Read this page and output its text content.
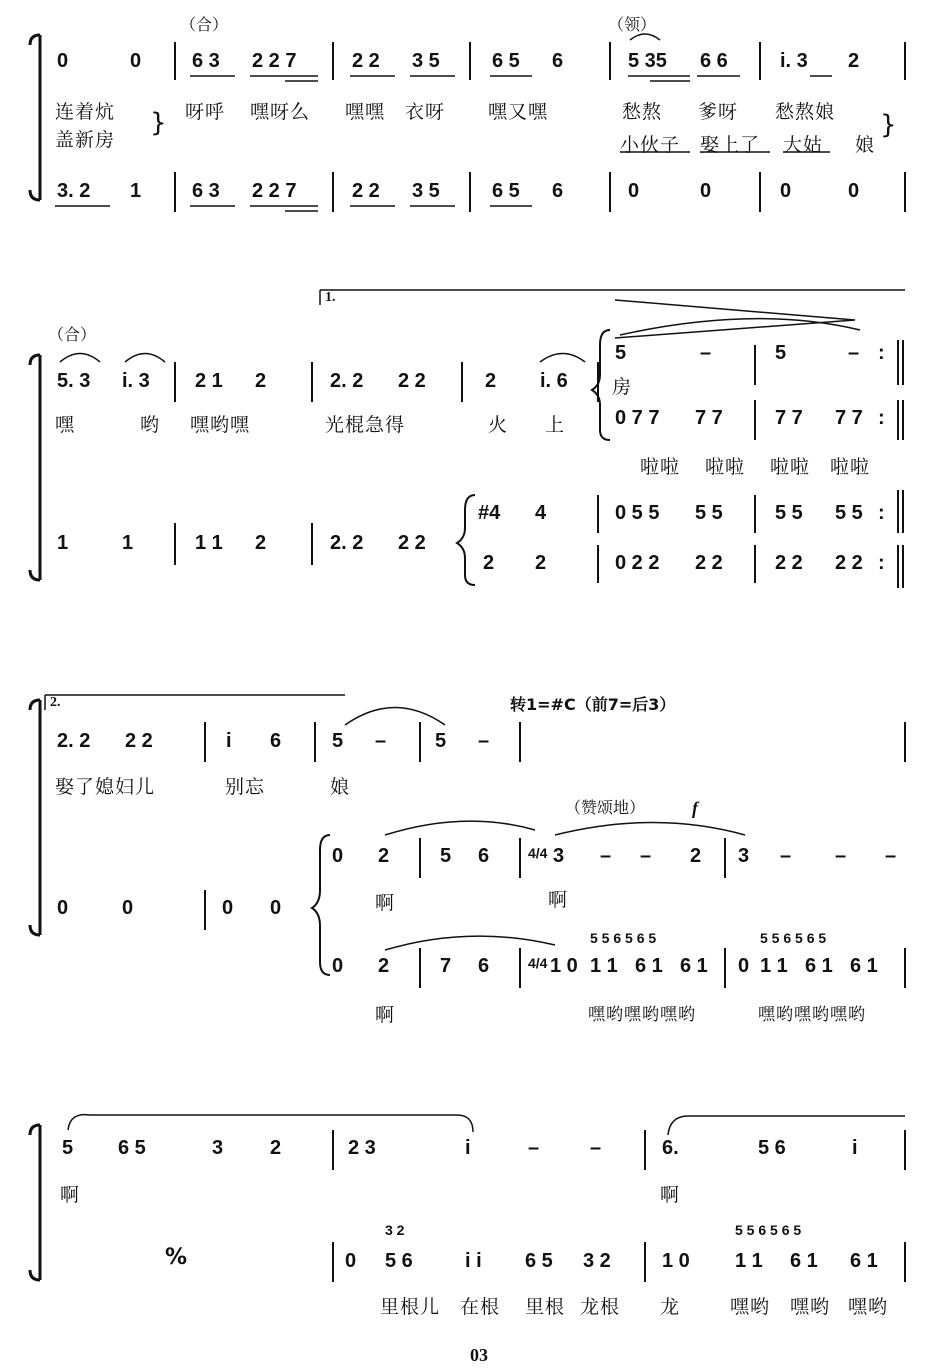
（合）	（领）
0	0	6 3 2 2 7	2 2 3 5	6 5 6	5 35 6 6	i. 3 2
连着炕
盖新房
} 呀呼 嘿呀么 嘿嘿 衣呀 嘿又嘿	愁熬 爹呀 愁熬娘
小伙子 娶上了 大姑 娘
}
3. 2 1	6 3 2 2 7	2 2 3 5	6 5 6	0	0	0	0
1.
（合）
5. 3 i. 3 2 1 2	2. 2 2 2	2 i. 6
5	–	5	– :
房
0 7 7 7 7	7 7 7 7 :
啦啦 啦啦 啦啦 啦啦
嘿	哟 嘿哟嘿	光棍急得	火 上
1	1	1 1 2	2. 2 2 2
#4 4	0 5 5 5 5	5 5 5 5 :
2 2	0 2 2 2 2	2 2 2 2 :
2.	转1=#C（前7=后3）
2. 2 2 2	i 6	5 – 5 –
娶了媳妇儿	别忘	娘
（赞颂地）	f
0	0	0 0
0 2	5 6	4/4 3 – – 2 3 – – –
啊	啊
5 5 6 5 6 5	5 5 6 5 6 5
0 2	7 6	4/4 1 0 1 1 6 1 6 1 0 1 1 6 1 6 1
啊	嘿哟嘿哟嘿哟	嘿哟嘿哟嘿哟
5 6 5	3 2	2 3	i	–	–	6.	5 6	i
啊	啊
%
3 2	5 5 6 5 6 5
0 5 6	i i 6 5 3 2	1 0 1 1 6 1 6 1
里根儿 在根 里根 龙根 龙	嘿哟 嘿哟 嘿哟
03
